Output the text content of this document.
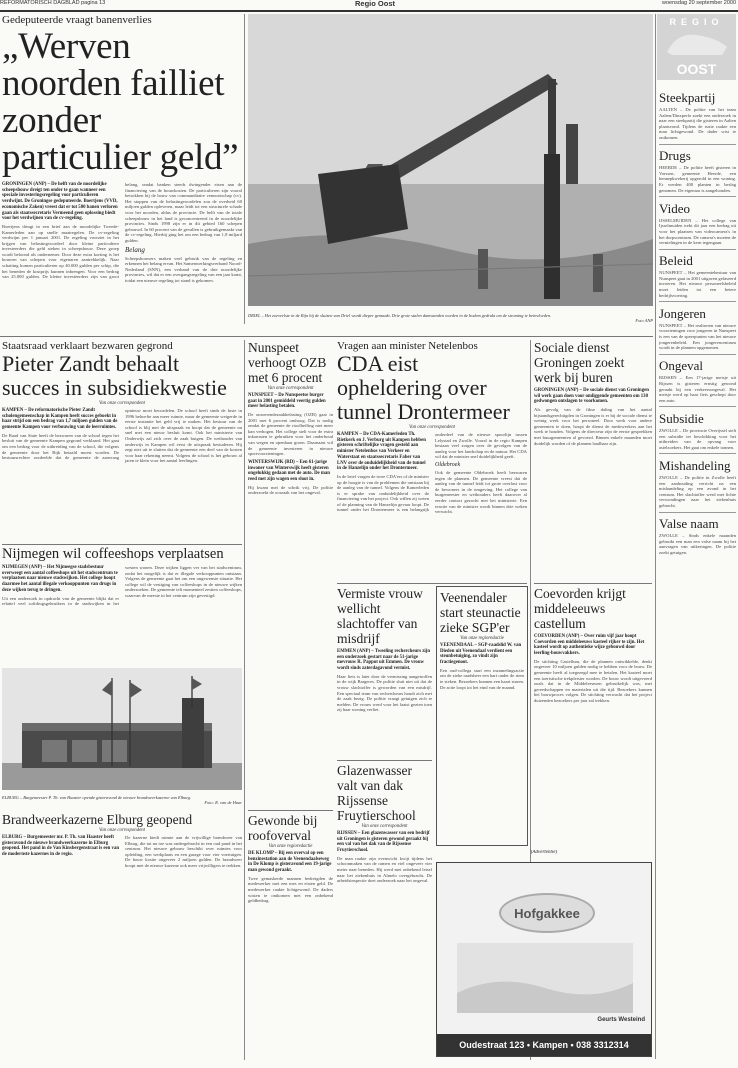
REFORMATORISCH DAGBLAD pagina 13	Regio Oost	woensdag 20 september 2000

Gedeputeerde vraagt banenverlies

„Werven noorden failliet zonder particulier geld”

GRONINGEN (ANP) – De helft van de noordelijke scheepsbouw dreigt ten onder te gaan wanneer een speciale investeringsregeling voor particulieren verdwijnt. De Groningse gedeputeerde. Boertjens (VVD, economische Zaken) vreest dat er tot 500 banen verloren gaan als staatssecretaris Vermeend geen oplossing biedt voor het verdwijnen van de cv-regeling.

Boertjens dringt in een brief aan de noordelijke Tweede-Kamerleden aan op snelle maatregelen. De cv-regeling verdwijnt per 1 januari 2001. De regeling voorziet in het krijgen van belastingvoordeel door kleine particuliere investeerders die geld steken in scheepsbouw. Deze groep wordt beloond als ondernemer. Door deze extra korting is het bouwen van schepen voor eigenaren aantrekkelijk. Naar schatting komen particulieren op 40.000 gulden per schip, die het beneden de kostprijs kunnen inbrengen. Voor een bedrag van 25.000 gulden. De kleine investeerders zijn van groot belang, omdat banken steeds dwingender eisen aan de financiering van de bouwkosten. De particulieren zijn vooral betrokken bij de bouw van commanditaire vennootschap (cv). Het stoppen van de belastingvoordelen zou de overheid 60 miljoen gulden opleveren, maar leidt tot een structurele schade voor het noorden, aldus de provincie. De helft van de totale scheepsbouw in het land is geconcentreerd in de noordelijke provincies. Sinds 1998 zijn er in dit gebied 160 schepen gebouwd. In 60 procent van de gevallen is gebruikgemaakt van de cv-regeling. Hierbij ging het om een bedrag van 1,8 miljard gulden.

Belang

Scheepsbouwers maken veel gebruik van de regeling en erkennen het belang ervan. Het Samenwerkingsverband Noord-Nederland (SNN), een verband van de drie noordelijke provincies, wil dat er een overgangsregeling van een jaar komt, totdat een nieuwe regeling tot stand is gekomen.

DRIEL – Het zoeveelste in de Rijn bij de sluizen van Driel wordt dieper gemaakt. Drie grote stalen damwanden worden in de bodem gedrukt om de stroming te beïnvloeden.

Foto ANP

REGIO
OOST
Steekpartij

AALTEN – De politie van het team Aalten/Dinxperlo zoekt een onderzoek in naar een steekpartij die gisteren in Aalten plaatsvond. Tijdens de ruzie raakte een man lichtgewond. De dader wist te ontkomen.

Drugs

HEERDE – De politie heeft gisteren in Vorssen, gemeente Heerde, een hennepkwekerij opgerold in een woning. Er werden 400 planten in beslag genomen. De eigenaar is aangehouden.

Video

IJSSELMUIDEN – Het college van Ijsselmuiden trekt dit jaar een bedrag uit voor het plaatsen van videocamera's in het dorpscentrum. De camera's moeten de vernielingen in de kern tegengaan.

Beleid

NUNSPEET – Het gemeentebestuur van Nunspeet gaat in 2001 uitgaven gefaseerd invoeren. Het nieuwe personeelsbeleid moet leiden tot een betere bedrijfsvoering.

Jongeren

NUNSPEET – Het realiseren van nieuwe voorzieningen voor jongeren in Nunspeet is een van de speerpunten van het nieuwe jongerenbeleid. Een jongerencentrum wordt in de plannen opgenomen.

Ongeval

RIJSSEN – Een 17-jarige meisje uit Rijssen is gisteren ernstig gewond geraakt bij een verkeersongeval. Het meisje werd op haar fiets geschept door een auto.

Subsidie

ZWOLLE – De provincie Overijssel stelt een subsidie ter beschikking voor het uitbreiden van de opvang voor asielzoekers. Het gaat om enkele tonnen.

Mishandeling

ZWOLLE – De politie in Zwolle heeft een aanhouding verricht na een mishandeling op een avond in het centrum. Het slachtoffer werd met lichte verwondingen naar het ziekenhuis gebracht.

Valse naam

ZWOLLE – Sinds enkele maanden gebruikt een man een valse naam bij het aanvragen van uitkeringen. De politie zoekt getuigen.

Staatsraad verklaart bezwaren gegrond

Pieter Zandt behaalt succes in subsidiekwestie

Van onze correspondent

KAMPEN – De reformatorische Pieter Zandt scholengemeenschap in Kampen heeft succes geboekt in haar strijd om een bedrag van 1,7 miljoen gulden van de gemeente Kampen voor verbouwing van de leerruimtes.

De Raad van State heeft de bezwaren van de school tegen het besluit van de gemeente Kampen gegrond verklaard. Het gaat om een bedrag voor de uitbreiding van de school, die volgens de gemeente door het Rijk betaald moest worden. De bestuursrechter oordeelde dat de gemeente de aanvraag opnieuw moet beoordelen. De school heeft sinds de fusie in 1996 behoefte aan meer ruimte, maar de gemeente weigerde in eerste instantie het geld vrij te maken. Het bestuur van de school is blij met de uitspraak en hoopt dat de gemeente nu snel met een nieuw besluit komt. Ook het ministerie van Onderwijs zal zich over de zaak buigen. De wethouder van onderwijs in Kampen wil eerst de uitspraak bestuderen. Hij zegt niet uit te sluiten dat de gemeente een deel van de kosten voor haar rekening neemt. Volgens de school is het gebouw al jaren te klein voor het aantal leerlingen.

Nijmegen wil coffeeshops verplaatsen

NIJMEGEN (ANP) – Het Nijmeegse stadsbestuur overweegt een aantal coffeeshops uit het stadscentrum te verplaatsen naar nieuwe stadswijken. Het college hoopt daarmee het aantal illegale verkooppunten van drugs in deze wijken terug te dringen.

Uit een onderzoek in opdracht van de gemeente blijkt dat er relatief veel softdrugsgebruikers in de stadswijken in het westen wonen. Deze wijken liggen ver van het stadscentrum, zodat het mogelijk is dat er illegale verkooppunten ontstaan. Volgens de gemeente gaat het om een ongewenste situatie. Het college wil de vestiging van coffeeshops in de nieuwe wijken onderzoeken. De gemeente telt momenteel zestien coffeeshops, waarvan de meeste in het centrum zijn gevestigd.

ELBURG – Burgemeester P. Th. van Haaster opende gisteravond de nieuwe brandweerkazerne van Elburg.

Foto: R. van de Haar

Brandweerkazerne Elburg geopend

Van onze correspondent

ELBURG – Burgemeester mr. P. Th. van Haaster heeft gisteravond de nieuwe brandweerkazerne in Elburg geopend. Het pand in de Van Kinsbergenstraat is een van de modernste kazernes in de regio.

De kazerne biedt ruimte aan de vrijwillige brandweer van Elburg, die tot nu toe was ondergebracht in een oud pand in het centrum. Het nieuwe gebouw beschikt over ruimtes voor opleiding, een werkplaats en een garage voor vier voertuigen. De bouw kostte ongeveer 2 miljoen gulden. De brandweer hoopt met de nieuwe kazerne ook meer vrijwilligers te trekken.

Nunspeet verhoogt OZB met 6 procent

Van onze correspondent

NUNSPEET – De Nunspeetse burger gaat in 2001 gemiddeld veertig gulden meer belasting betalen.

De onroerendezaakbelasting (OZB) gaat in 2001 met 6 procent omhoog. Dat is nodig omdat de gemeente de rioolheffing niet meer kan verhogen. Het college stelt voor de extra inkomsten te gebruiken voor het onderhoud van wegen en openbaar groen. Daarnaast wil de gemeente investeren in nieuwe sportvoorzieningen.

WINTERSWIJK (RD) – Een 61-jarige inwoner van Winterswijk heeft gisteren ongelukkig gedaan met de auto. De man reed met zijn wagen een sloot in.

Hij kwam met de schrik vrij. De politie onderzoekt de oorzaak van het ongeval.

Vragen aan minister Netelenbos

CDA eist opheldering over tunnel Drontermeer

Van onze correspondent

KAMPEN – De CDA-Kamerleden Th. Rietkerk en J. Verburg uit Kampen hebben gisteren schriftelijke vragen gesteld aan minister Netelenbos van Verkeer en Waterstaat en staatssecretaris Faber van LNV over de onduidelijkheid van de tunnel in de Hanzelijn onder het Drontermeer.

In de brief vragen de twee CDA'ers of de minister op de hoogte is van de problemen die ontstaan bij de aanleg van de tunnel. Volgens de Kamerleden is er sprake van onduidelijkheid over de financiering van het project. Ook willen zij weten of de planning van de Hanzelijn gevaar loopt. De tunnel onder het Drontermeer is een belangrijk onderdeel van de nieuwe spoorlijn tussen Lelystad en Zwolle. Vooral in de regio Kampen bestaan veel zorgen over de gevolgen van de aanleg voor het landschap en de natuur. Het CDA wil dat de minister snel duidelijkheid geeft.

Oldebroek

Ook de gemeente Oldebroek heeft bezwaren tegen de plannen. De gemeente vreest dat de aanleg van de tunnel leidt tot grote overlast voor de bewoners in de omgeving. Het college van burgemeester en wethouders heeft daarover al eerder contact gezocht met het ministerie. Een reactie van de minister wordt binnen drie weken verwacht.

Sociale dienst Groningen zoekt werk bij buren

GRONINGEN (ANP) – De sociale dienst van Groningen wil werk gaan doen voor omliggende gemeenten om 130 gedwongen ontslagen te voorkomen.

Als gevolg van de fikse daling van het aantal bijstandsgerechtigden in Groningen is er bij de sociale dienst te weinig werk voor het personeel. Door werk voor andere gemeenten te doen, hoopt de dienst de medewerkers aan het werk te houden. Volgens de directeur zijn de eerste gesprekken met buurgemeenten al gevoerd. Binnen enkele maanden moet duidelijk worden of de plannen haalbaar zijn.

Coevorden krijgt middeleeuws castellum

COEVORDEN (ANP) – Over ruim vijf jaar hoopt Coevorden een middeleeuws kasteel rijker te zijn. Het kasteel wordt op authentieke wijze gebouwd door leerling-bouwvakkers.

De stichting Castellum, die de plannen ontwikkelde, denkt ongeveer 10 miljoen gulden nodig te hebben voor de bouw. De gemeente heeft al toegezegd mee te betalen. Het kasteel moet een toeristische trekpleister worden. De bouw wordt uitgevoerd zoals dat in de Middeleeuwen gebruikelijk was, met gereedschappen en materialen uit die tijd. Bezoekers kunnen het bouwproces volgen. De stichting verwacht dat het project duizenden bezoekers per jaar zal trekken.

Vermiste vrouw wellicht slachtoffer van misdrijf

EMMEN (ANP) – Tweeling rechercheurs zijn een onderzoek gestart naar de 51-jarige mevrouw R. Pappot uit Emmen. De vrouw wordt sinds zaterdagavond vermist.

Haar fiets is later door de vermissing aangetroffen in de wijk Bargeres. De politie sluit niet uit dat de vrouw slachtoffer is geworden van een misdrijf. Een speciaal team van rechercheurs houdt zich met de zaak bezig. De politie vraagt getuigen zich te melden. De vrouw werd voor het laatst gezien toen zij haar woning verliet.

Veenendaler start steunactie zieke SGP'er

Van onze regioredactie

VEENENDAAL – SGP-raadslid W. van Dieden uit Veenendaal verdient een steunbetuiging, zo vindt zijn fractiegenoot.

Een oud-collega start een inzamelingsactie om de zieke raadsheer een hart onder de riem te steken. Bezoekers kunnen een kaart sturen. De actie loopt tot het eind van de maand.

Glazenwasser valt van dak Rijssense Fruytierschool

Van onze correspondent

RIJSSEN – Een glazenwasser van een bedrijf uit Groningen is gisteren gewond geraakt bij een val van het dak van de Rijssense Fruytierschool.

De man raakte zijn evenwicht kwijt tijdens het schoonmaken van de ramen en viel ongeveer vier meter naar beneden. Hij werd met onbekend letsel naar het ziekenhuis in Almelo overgebracht. De arbeidsinspectie doet onderzoek naar het ongeval.

Gewonde bij roofoverval

Van onze regioredactie

DE KLOMP – Bij een overval op een benzinestation aan de Veenendaalseweg in De Klomp is gisteravond een 19-jarige man gewond geraakt.

Twee gemaskerde mannen bedreigden de medewerker met een mes en eisten geld. De medewerker raakte lichtgewond. De daders wisten te ontkomen met een onbekend geldbedrag.

(Advertentie)
Hofgakkee
Geurts Westeind
Oudestraat 123 • Kampen • 038 3312314
